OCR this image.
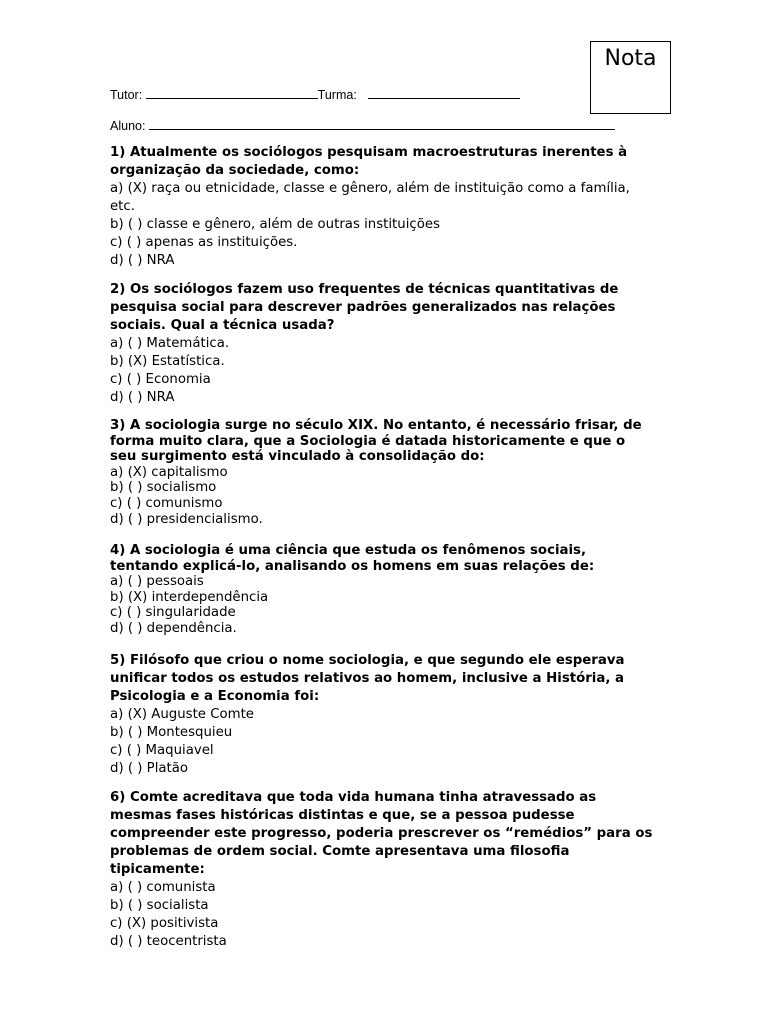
Nota
Tutor:	Turma:
Aluno:
1) Atualmente os sociólogos pesquisam macroestruturas inerentes à organização da sociedade, como:
a) (X) raça ou etnicidade, classe e gênero, além de instituição como a família, etc.
b) ( ) classe e gênero, além de outras instituições
c) ( ) apenas as instituições.
d) ( ) NRA
2) Os sociólogos fazem uso frequentes de técnicas quantitativas de pesquisa social para descrever padrões generalizados nas relações sociais. Qual a técnica usada?
a) ( ) Matemática.
b) (X) Estatística.
c) ( ) Economia
d) ( ) NRA
3) A sociologia surge no século XIX. No entanto, é necessário frisar, de forma muito clara, que a Sociologia é datada historicamente e que o seu surgimento está vinculado à consolidação do:
a) (X) capitalismo
b) ( ) socialismo
c) ( ) comunismo
d) ( ) presidencialismo.
4) A sociologia é uma ciência que estuda os fenômenos sociais, tentando explicá-lo, analisando os homens em suas relações de:
a) ( ) pessoais
b) (X) interdependência
c) ( ) singularidade
d) ( ) dependência.
5) Filósofo que criou o nome sociologia, e que segundo ele esperava unificar todos os estudos relativos ao homem, inclusive a História, a Psicologia e a Economia foi:
a) (X) Auguste Comte
b) ( ) Montesquieu
c) ( ) Maquiavel
d) ( ) Platão
6) Comte acreditava que toda vida humana tinha atravessado as mesmas fases históricas distintas e que, se a pessoa pudesse compreender este progresso, poderia prescrever os “remédios” para os problemas de ordem social. Comte apresentava uma filosofia tipicamente:
a) ( ) comunista
b) ( ) socialista
c) (X) positivista
d) ( ) teocentrista
